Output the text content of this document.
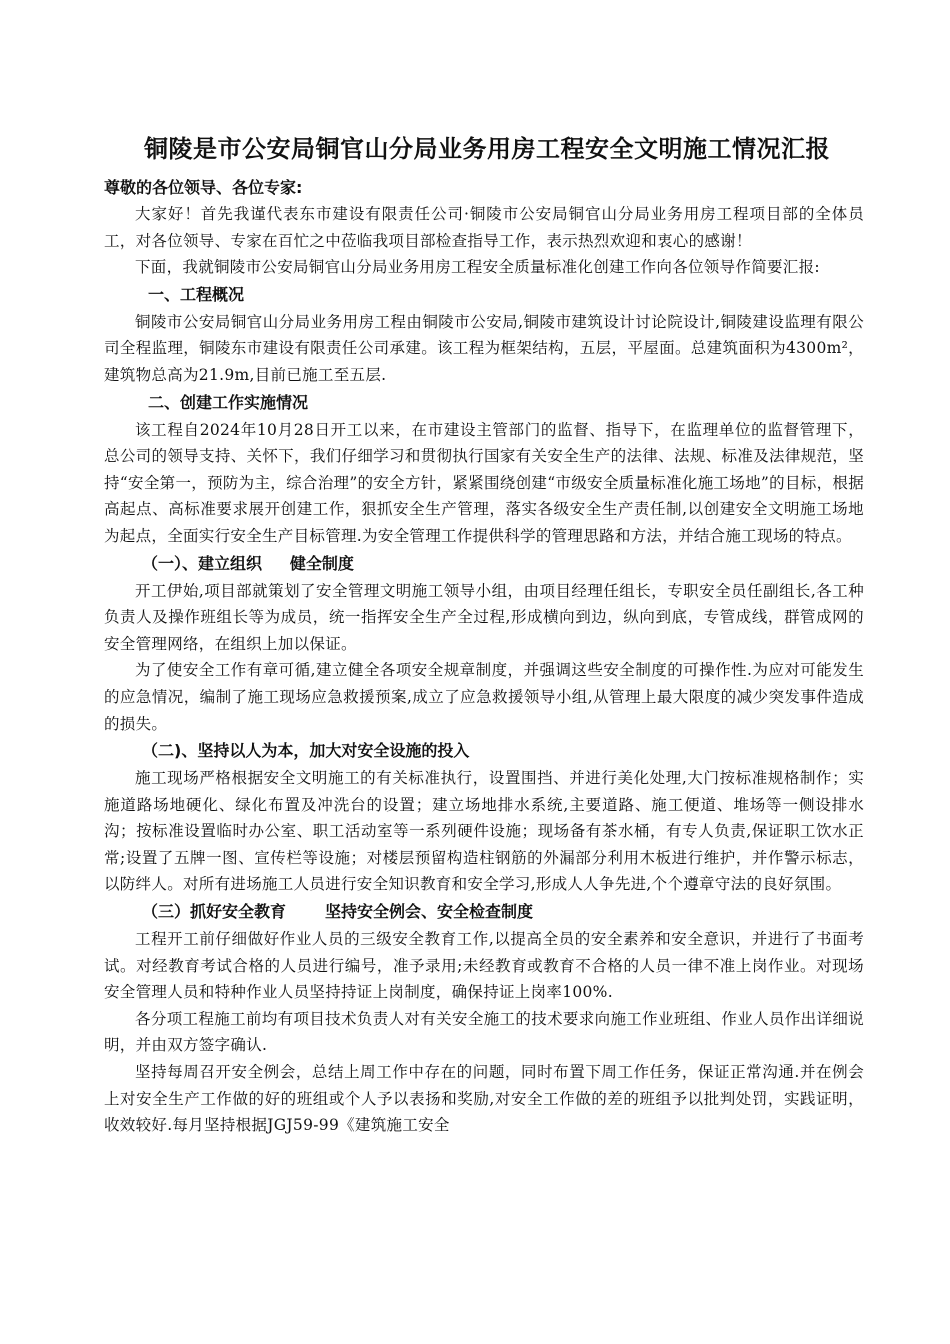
铜陵是市公安局铜官山分局业务用房工程安全文明施工情况汇报
尊敬的各位领导、各位专家:

大家好！首先我谨代表东市建设有限责任公司·铜陵市公安局铜官山分局业务用房工程项目部的全体员工，对各位领导、专家在百忙之中莅临我项目部检查指导工作，表示热烈欢迎和衷心的感谢！

下面，我就铜陵市公安局铜官山分局业务用房工程安全质量标准化创建工作向各位领导作简要汇报:

一、工程概况

铜陵市公安局铜官山分局业务用房工程由铜陵市公安局,铜陵市建筑设计讨论院设计,铜陵建设监理有限公司全程监理，铜陵东市建设有限责任公司承建。该工程为框架结构，五层，平屋面。总建筑面积为4300m²，建筑物总高为21.9m,目前已施工至五层.

二、创建工作实施情况

该工程自2024年10月28日开工以来，在市建设主管部门的监督、指导下，在监理单位的监督管理下，总公司的领导支持、关怀下，我们仔细学习和贯彻执行国家有关安全生产的法律、法规、标准及法律规范，坚持“安全第一，预防为主，综合治理”的安全方针，紧紧围绕创建“市级安全质量标准化施工场地”的目标，根据高起点、高标准要求展开创建工作，狠抓安全生产管理，落实各级安全生产责任制,以创建安全文明施工场地为起点，全面实行安全生产目标管理.为安全管理工作提供科学的管理思路和方法，并结合施工现场的特点。

（一）、建立组织     健全制度

开工伊始,项目部就策划了安全管理文明施工领导小组，由项目经理任组长，专职安全员任副组长,各工种负责人及操作班组长等为成员，统一指挥安全生产全过程,形成横向到边，纵向到底，专管成线，群管成网的安全管理网络，在组织上加以保证。

为了使安全工作有章可循,建立健全各项安全规章制度，并强调这些安全制度的可操作性.为应对可能发生的应急情况，编制了施工现场应急救援预案,成立了应急救援领导小组,从管理上最大限度的减少突发事件造成的损失。

（二)、坚持以人为本，加大对安全设施的投入

施工现场严格根据安全文明施工的有关标准执行，设置围挡、并进行美化处理,大门按标准规格制作；实施道路场地硬化、绿化布置及冲洗台的设置；建立场地排水系统,主要道路、施工便道、堆场等一侧设排水沟；按标准设置临时办公室、职工活动室等一系列硬件设施；现场备有茶水桶，有专人负责,保证职工饮水正常;设置了五牌一图、宣传栏等设施；对楼层预留构造柱钢筋的外漏部分利用木板进行维护，并作警示标志，以防绊人。对所有进场施工人员进行安全知识教育和安全学习,形成人人争先进,个个遵章守法的良好氛围。

（三）抓好安全教育       坚持安全例会、安全检查制度

工程开工前仔细做好作业人员的三级安全教育工作,以提高全员的安全素养和安全意识，并进行了书面考试。对经教育考试合格的人员进行编号，准予录用;未经教育或教育不合格的人员一律不准上岗作业。对现场安全管理人员和特种作业人员坚持持证上岗制度，确保持证上岗率100%.

各分项工程施工前均有项目技术负责人对有关安全施工的技术要求向施工作业班组、作业人员作出详细说明，并由双方签字确认.

坚持每周召开安全例会，总结上周工作中存在的问题，同时布置下周工作任务，保证正常沟通.并在例会上对安全生产工作做的好的班组或个人予以表扬和奖励,对安全工作做的差的班组予以批判处罚，实践证明，收效较好.每月坚持根据JGJ59-99《建筑施工安全
